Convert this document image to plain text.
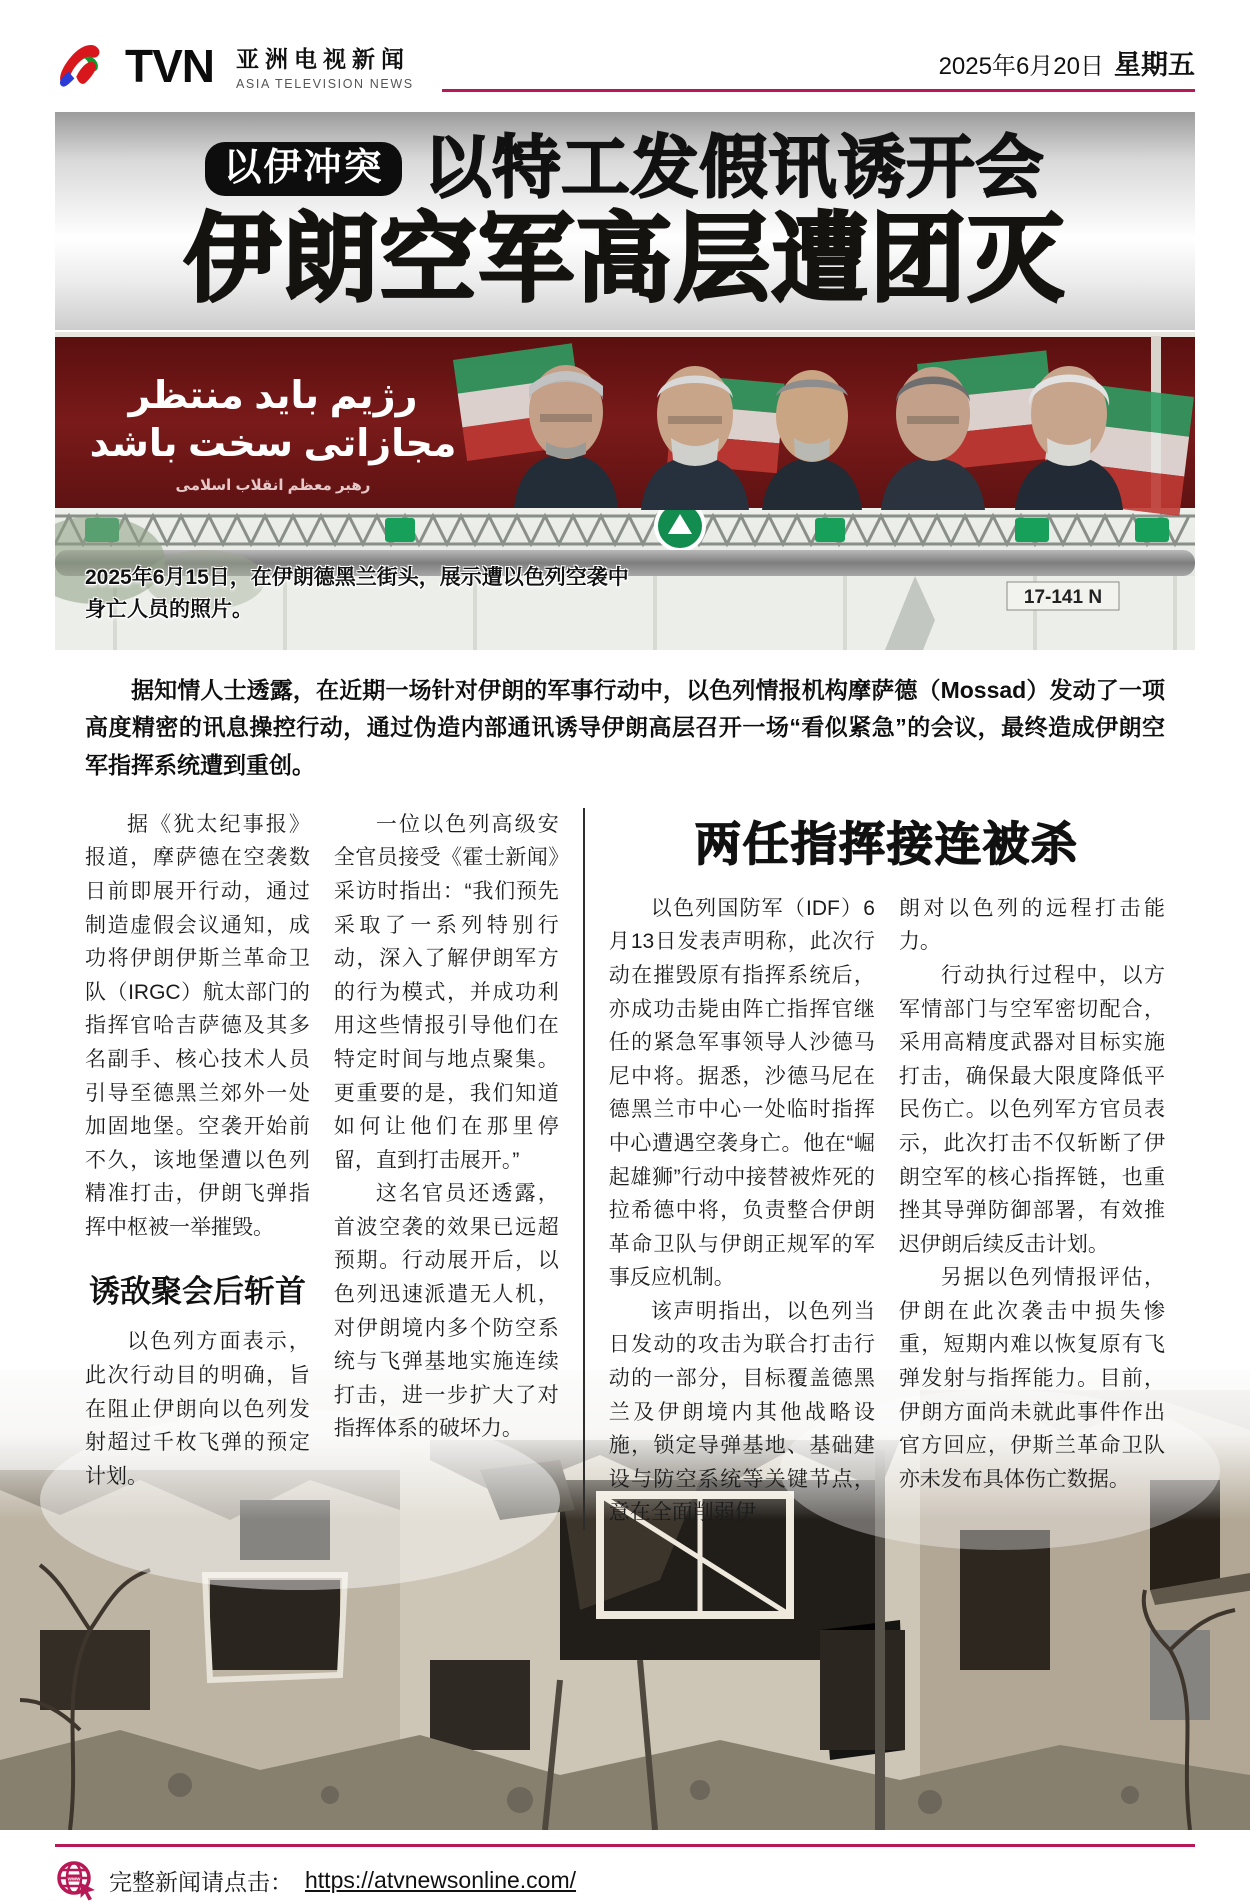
TVN 亚洲电视新闻
ASIA TELEVISION NEWS
2025年6月20日 星期五
以伊冲突 以特工发假讯诱开会
伊朗空军高层遭团灭
17-141 N
رژیم باید منتظر
مجازاتی سخت باشد
رهبر معظم انقلاب اسلامی
2025年6月15日，在伊朗德黑兰街头，展示遭以色列空袭中身亡人员的照片。

据知情人士透露，在近期一场针对伊朗的军事行动中，以色列情报机构摩萨德（Mossad）发动了一项高度精密的讯息操控行动，通过伪造内部通讯诱导伊朗高层召开一场“看似紧急”的会议，最终造成伊朗空军指挥系统遭到重创。

据《犹太纪事报》报道，摩萨德在空袭数日前即展开行动，通过制造虚假会议通知，成功将伊朗伊斯兰革命卫队（IRGC）航太部门的指挥官哈吉萨德及其多名副手、核心技术人员引导至德黑兰郊外一处加固地堡。空袭开始前不久，该地堡遭以色列精准打击，伊朗飞弹指挥中枢被一举摧毁。

诱敌聚会后斩首

以色列方面表示，此次行动目的明确，旨在阻止伊朗向以色列发射超过千枚飞弹的预定计划。

一位以色列高级安全官员接受《霍士新闻》采访时指出：“我们预先采取了一系列特别行动，深入了解伊朗军方的行为模式，并成功利用这些情报引导他们在特定时间与地点聚集。更重要的是，我们知道如何让他们在那里停留，直到打击展开。”

这名官员还透露，首波空袭的效果已远超预期。行动展开后，以色列迅速派遣无人机，对伊朗境内多个防空系统与飞弹基地实施连续打击，进一步扩大了对指挥体系的破坏力。

两任指挥接连被杀

以色列国防军（IDF）6月13日发表声明称，此次行动在摧毁原有指挥系统后，亦成功击毙由阵亡指挥官继任的紧急军事领导人沙德马尼中将。据悉，沙德马尼在德黑兰市中心一处临时指挥中心遭遇空袭身亡。他在“崛起雄狮”行动中接替被炸死的拉希德中将，负责整合伊朗革命卫队与伊朗正规军的军事反应机制。

该声明指出，以色列当日发动的攻击为联合打击行动的一部分，目标覆盖德黑兰及伊朗境内其他战略设施，锁定导弹基地、基础建设与防空系统等关键节点，意在全面削弱伊

朗对以色列的远程打击能力。

行动执行过程中，以方军情部门与空军密切配合，采用高精度武器对目标实施打击，确保最大限度降低平民伤亡。以色列军方官员表示，此次打击不仅斩断了伊朗空军的核心指挥链，也重挫其导弹防御部署，有效推迟伊朗后续反击计划。

另据以色列情报评估，伊朗在此次袭击中损失惨重，短期内难以恢复原有飞弹发射与指挥能力。目前，伊朗方面尚未就此事件作出官方回应，伊斯兰革命卫队亦未发布具体伤亡数据。

www 完整新闻请点击： https://atvnewsonline.com/
